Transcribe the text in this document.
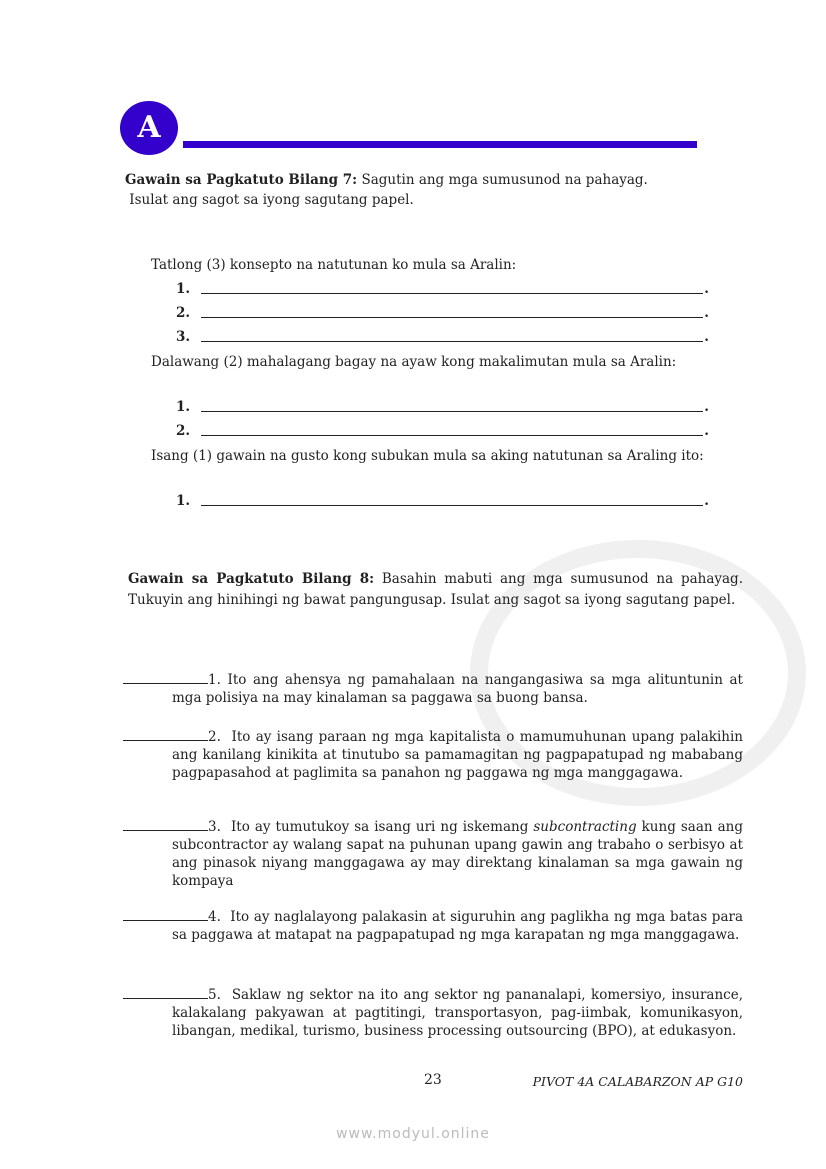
A
Gawain sa Pagkatuto Bilang 7: Sagutin ang mga sumusunod na pahayag.
Isulat ang sagot sa iyong sagutang papel.
Tatlong (3) konsepto na natutunan ko mula sa Aralin:
1.	.
2.	.
3.	.
Dalawang (2) mahalagang bagay na ayaw kong makalimutan mula sa Aralin:
1.	.
2.	.
Isang (1) gawain na gusto kong subukan mula sa aking natutunan sa Araling ito:
1.	.
Gawain sa Pagkatuto Bilang 8: Basahin mabuti ang mga sumusunod na pahayag. Tukuyin ang hinihingi ng bawat pangungusap. Isulat ang sagot sa iyong sagutang papel.
1. Ito ang ahensya ng pamahalaan na nangangasiwa sa mga alituntunin at mga polisiya na may kinalaman sa paggawa sa buong bansa.
2. Ito ay isang paraan ng mga kapitalista o mamumuhunan upang palakihin ang kanilang kinikita at tinutubo sa pamamagitan ng pagpapatupad ng mababang pagpapasahod at paglimita sa panahon ng paggawa ng mga manggagawa.
3. Ito ay tumutukoy sa isang uri ng iskemang subcontracting kung saan ang subcontractor ay walang sapat na puhunan upang gawin ang trabaho o serbisyo at ang pinasok niyang manggagawa ay may direktang kinalaman sa mga gawain ng kompaya
4. Ito ay naglalayong palakasin at siguruhin ang paglikha ng mga batas para sa paggawa at matapat na pagpapatupad ng mga karapatan ng mga manggagawa.
5. Saklaw ng sektor na ito ang sektor ng pananalapi, komersiyo, insurance, kalakalang pakyawan at pagtitingi, transportasyon, pag-iimbak, komunikasyon, libangan, medikal, turismo, business processing outsourcing (BPO), at edukasyon.
23	PIVOT 4A CALABARZON AP G10
www.modyul.online
